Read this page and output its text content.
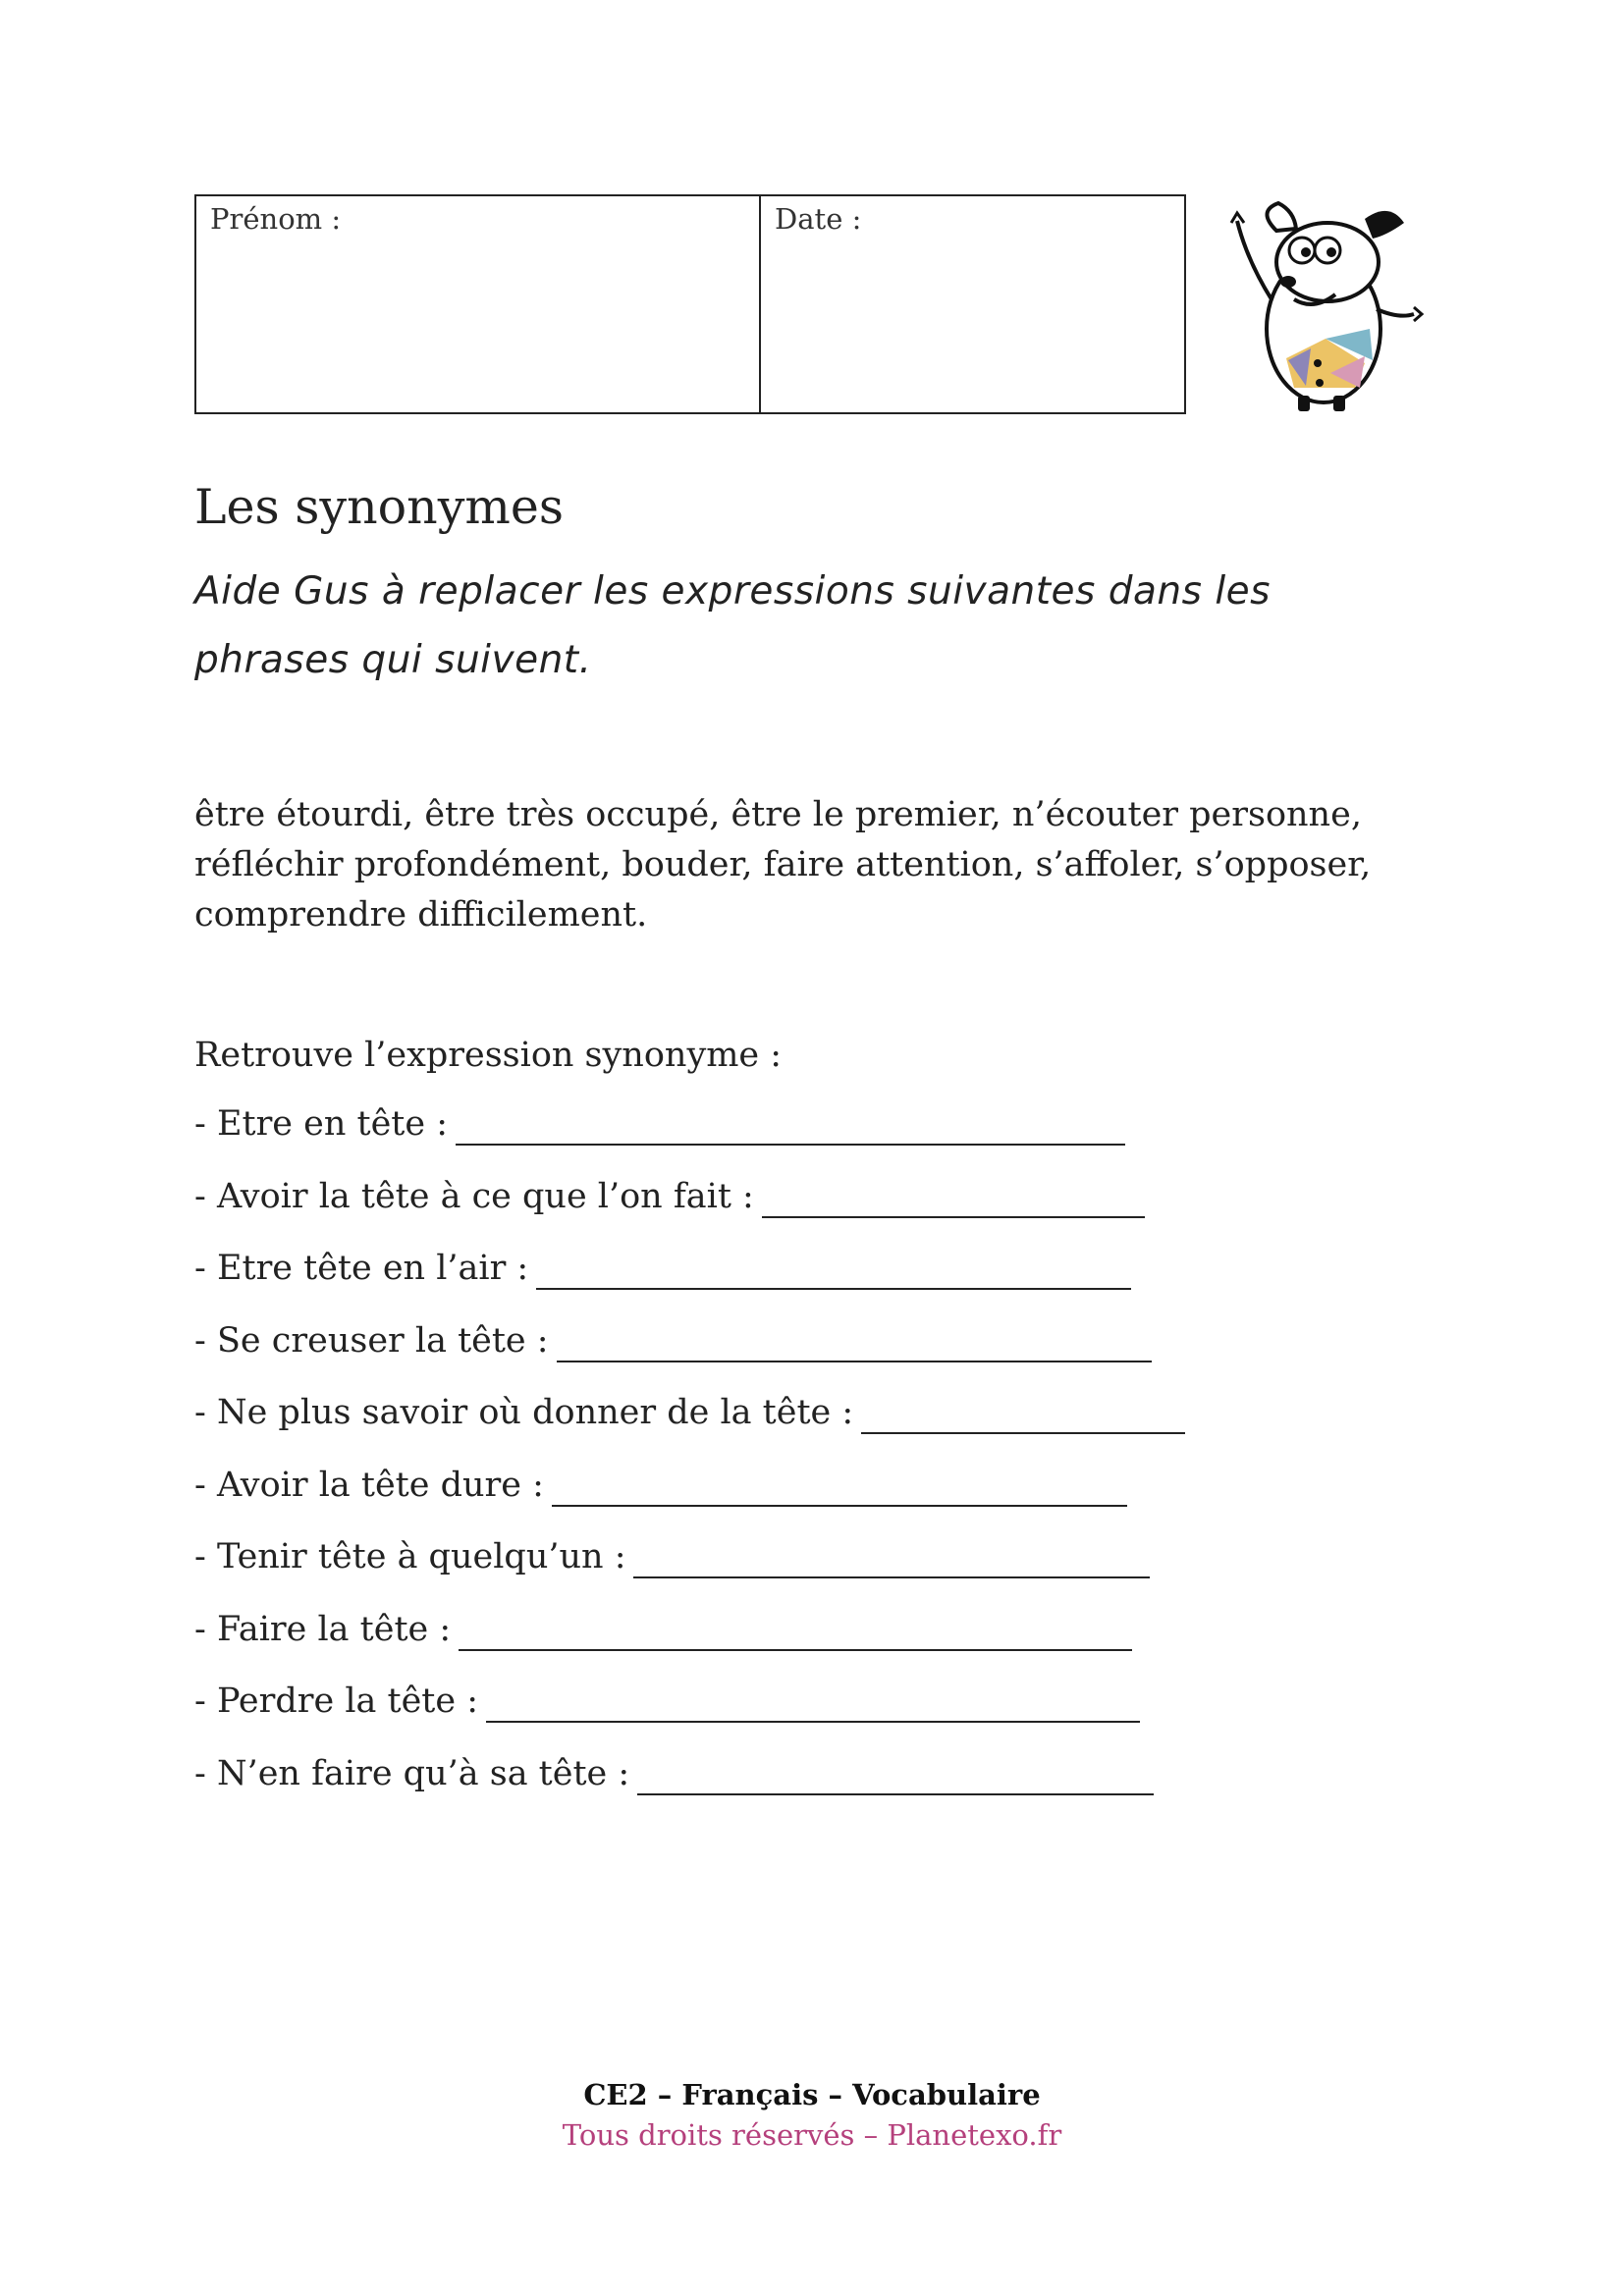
Prénom :	Date :
Les synonymes
Aide Gus à replacer les expressions suivantes dans les phrases qui suivent.
être étourdi, être très occupé, être le premier, n’écouter personne, réfléchir profondément, bouder, faire attention, s’affoler, s’opposer, comprendre difficilement.
Retrouve l’expression synonyme :
- Etre en tête :
- Avoir la tête à ce que l’on fait :
- Etre tête en l’air :
- Se creuser la tête :
- Ne plus savoir où donner de la tête :
- Avoir la tête dure :
- Tenir tête à quelqu’un :
- Faire la tête :
- Perdre la tête :
- N’en faire qu’à sa tête :
CE2 – Français – Vocabulaire
Tous droits réservés – Planetexo.fr
